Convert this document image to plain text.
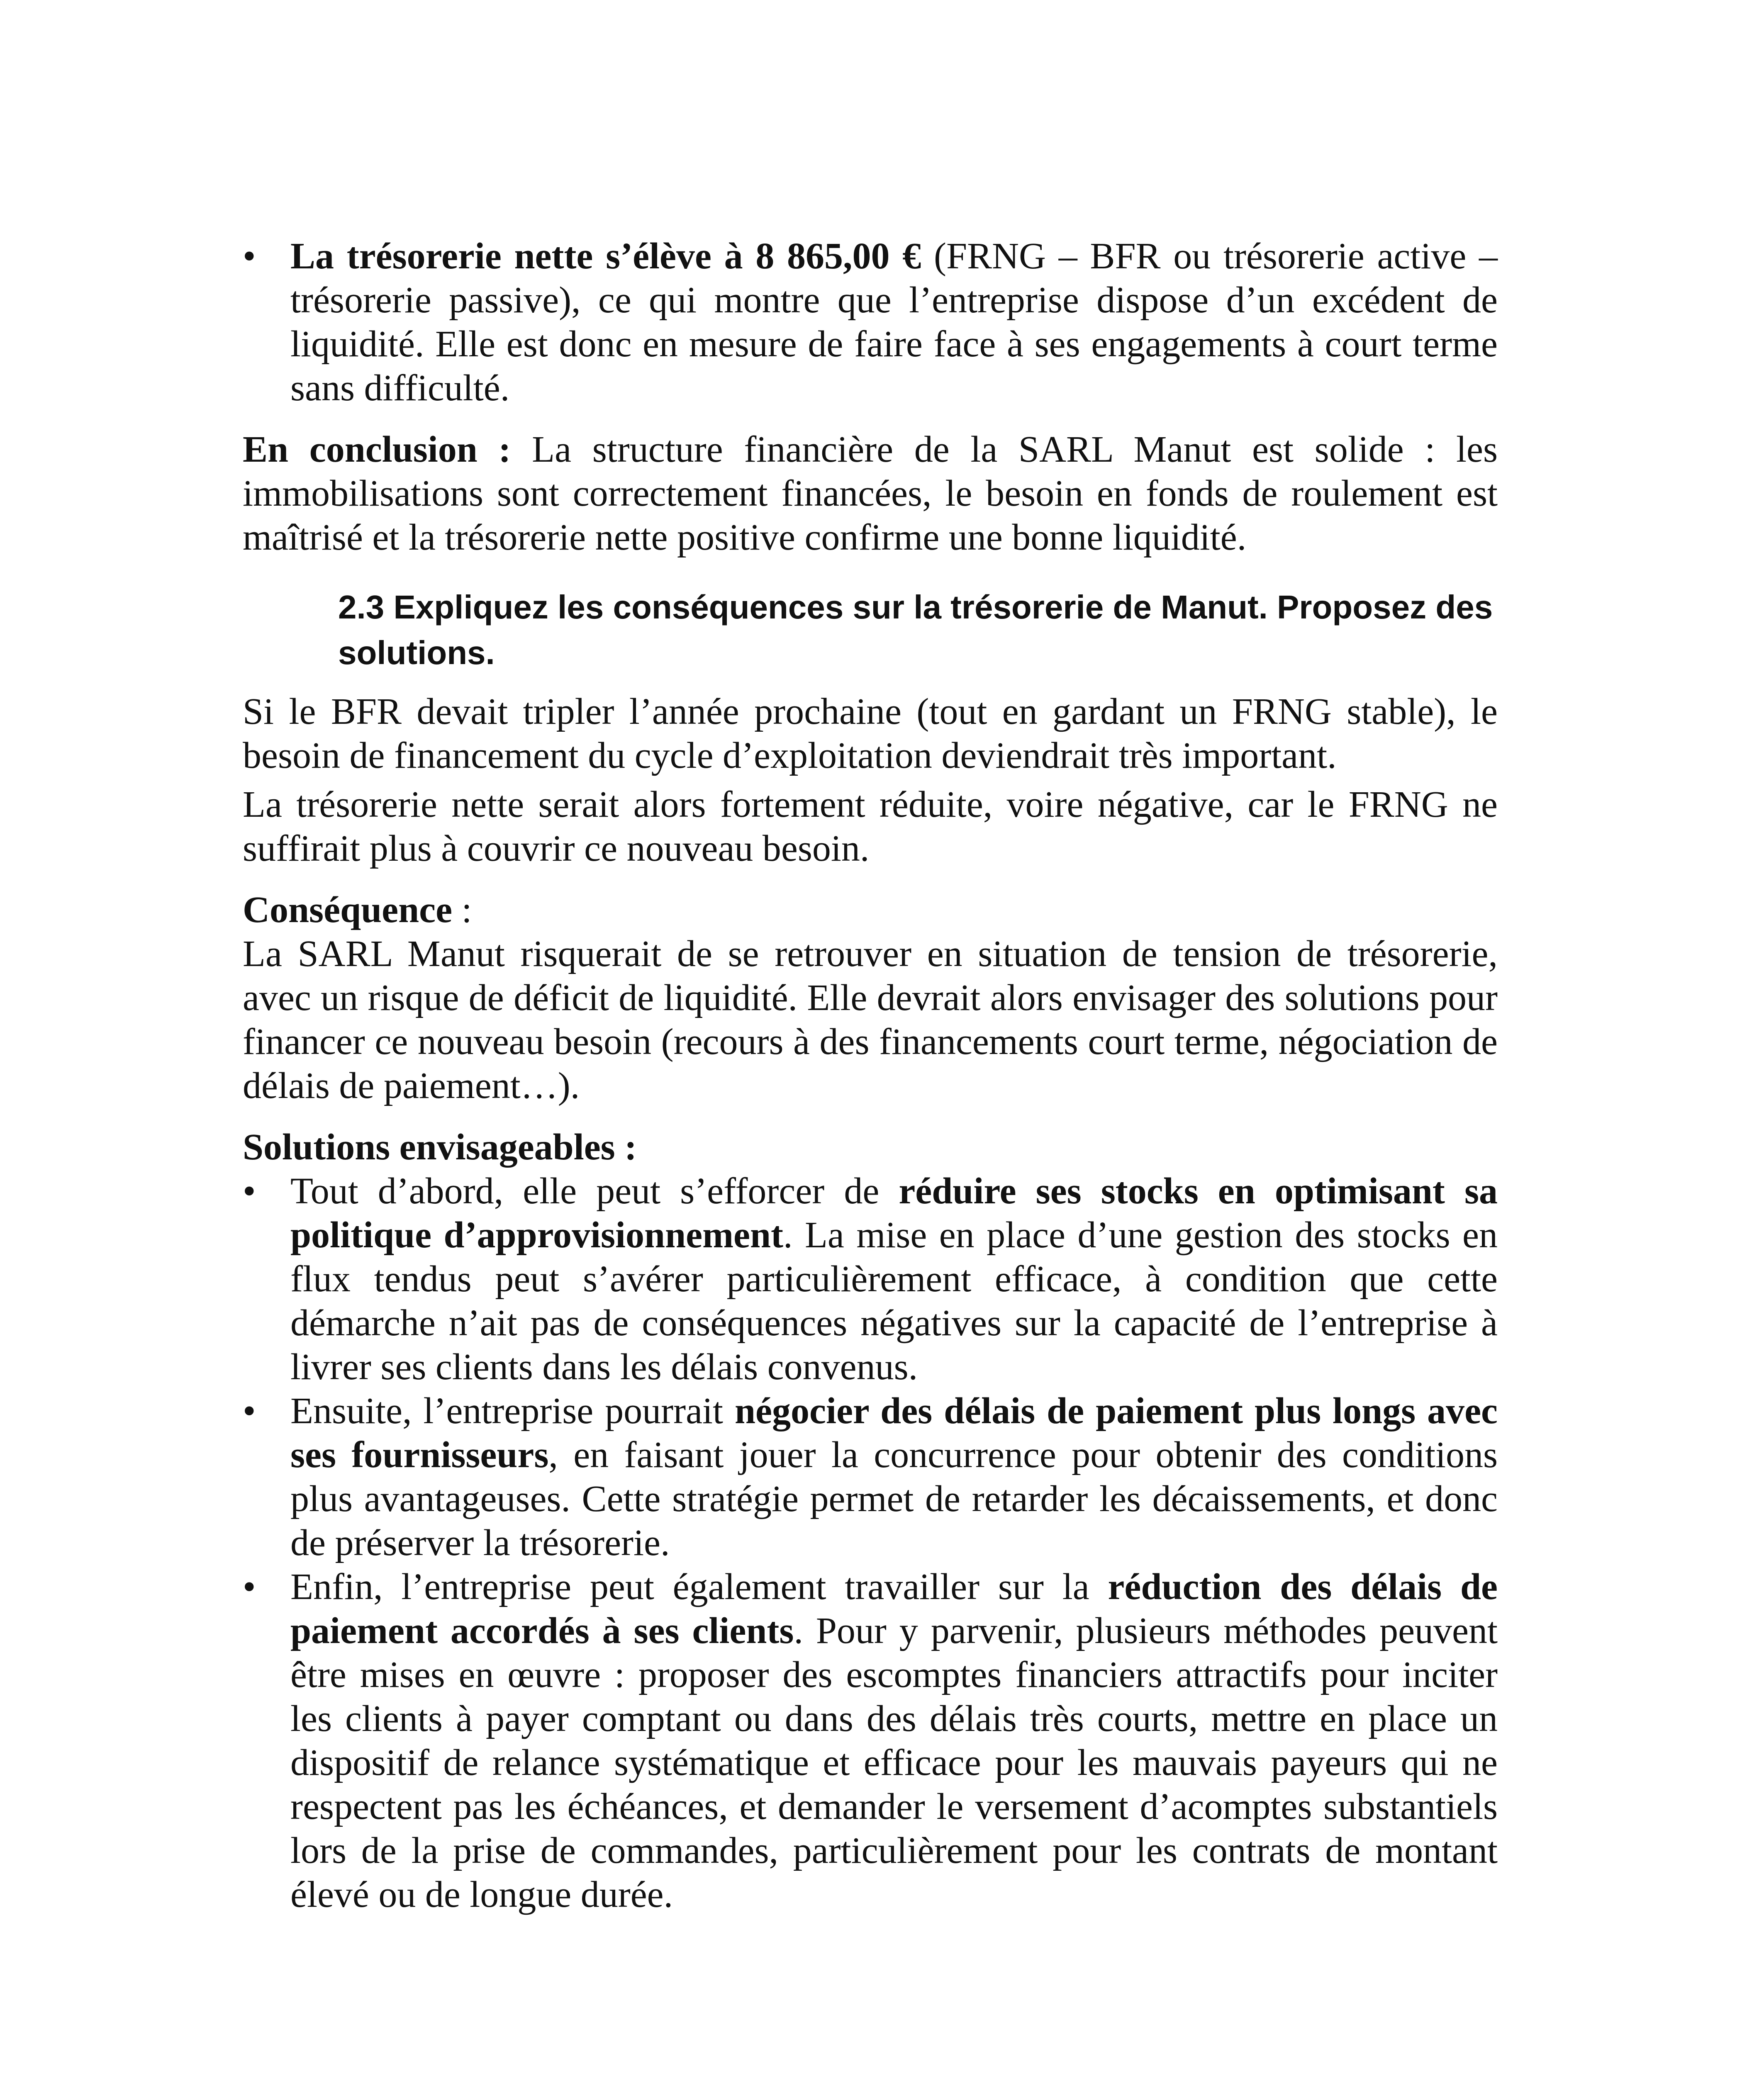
• La trésorerie nette s’élève à 8 865,00 € (FRNG – BFR ou trésorerie active – trésorerie passive), ce qui montre que l’entreprise dispose d’un excédent de liquidité. Elle est donc en mesure de faire face à ses engagements à court terme sans difficulté.

En conclusion : La structure financière de la SARL Manut est solide : les immobilisations sont correctement financées, le besoin en fonds de roulement est maîtrisé et la trésorerie nette positive confirme une bonne liquidité.

2.3 Expliquez les conséquences sur la trésorerie de Manut. Proposez des solutions.

Si le BFR devait tripler l’année prochaine (tout en gardant un FRNG stable), le besoin de financement du cycle d’exploitation deviendrait très important.

La trésorerie nette serait alors fortement réduite, voire négative, car le FRNG ne suffirait plus à couvrir ce nouveau besoin.

Conséquence :

La SARL Manut risquerait de se retrouver en situation de tension de trésorerie, avec un risque de déficit de liquidité. Elle devrait alors envisager des solutions pour financer ce nouveau besoin (recours à des financements court terme, négociation de délais de paiement…).

Solutions envisageables :

• Tout d’abord, elle peut s’efforcer de réduire ses stocks en optimisant sa politique d’approvisionnement. La mise en place d’une gestion des stocks en flux tendus peut s’avérer particulièrement efficace, à condition que cette démarche n’ait pas de conséquences négatives sur la capacité de l’entreprise à livrer ses clients dans les délais convenus.
• Ensuite, l’entreprise pourrait négocier des délais de paiement plus longs avec ses fournisseurs, en faisant jouer la concurrence pour obtenir des conditions plus avantageuses. Cette stratégie permet de retarder les décaissements, et donc de préserver la trésorerie.
• Enfin, l’entreprise peut également travailler sur la réduction des délais de paiement accordés à ses clients. Pour y parvenir, plusieurs méthodes peuvent être mises en œuvre : proposer des escomptes financiers attractifs pour inciter les clients à payer comptant ou dans des délais très courts, mettre en place un dispositif de relance systématique et efficace pour les mauvais payeurs qui ne respectent pas les échéances, et demander le versement d’acomptes substantiels lors de la prise de commandes, particulièrement pour les contrats de montant élevé ou de longue durée.
